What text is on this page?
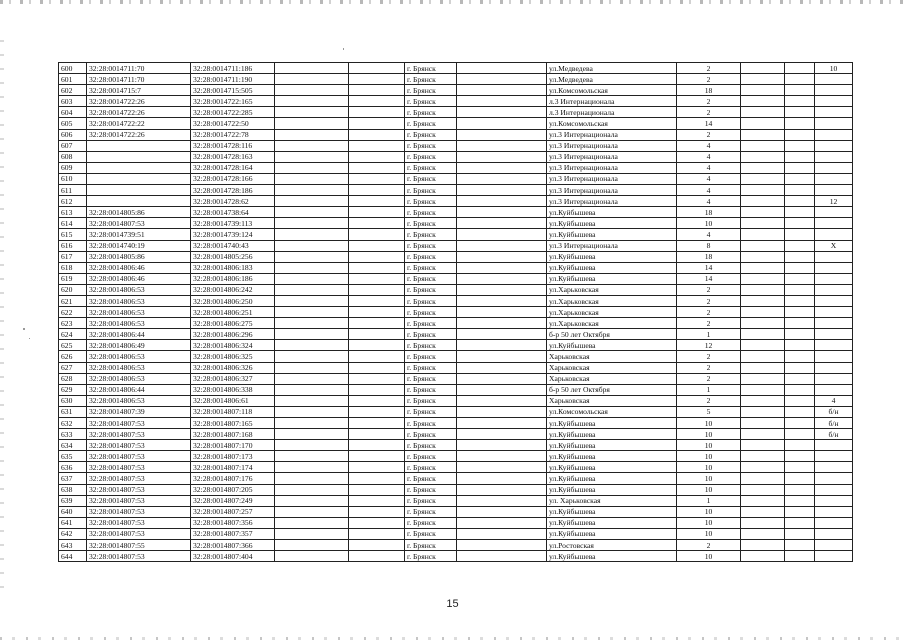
600	32:28:0014711:70	32:28:0014711:186			г. Брянск		ул.Медведева	2			10
601	32:28:0014711:70	32:28:0014711:190			г. Брянск		ул.Медведева	2			
602	32:28:0014715:7	32:28:0014715:505			г. Брянск		ул.Комсомольская	18			
603	32:28:0014722:26	32:28:0014722:165			г. Брянск		л.3 Интернационала	2			
604	32:28:0014722:26	32:28:0014722:285			г. Брянск		л.3 Интернационала	2			
605	32:28:0014722:22	32:28:0014722:50			г. Брянск		ул.Комсомольская	14			
606	32:28:0014722:26	32:28:0014722:78			г. Брянск		ул.3 Интернационала	2			
607		32:28:0014728:116			г. Брянск		ул.3 Интернационала	4			
608		32:28:0014728:163			г. Брянск		ул.3 Интернационала	4			
609		32:28:0014728:164			г. Брянск		ул.3 Интернационала	4			
610		32:28:0014728:166			г. Брянск		ул.3 Интернационала	4			
611		32:28:0014728:186			г. Брянск		ул.3 Интернационала	4			
612		32:28:0014728:62			г. Брянск		ул.3 Интернационала	4			12
613	32:28:0014805:86	32:28:0014738:64			г. Брянск		ул.Куйбышева	18			
614	32:28:0014807:53	32:28:0014739:113			г. Брянск		ул.Куйбышева	10			
615	32:28:0014739:51	32:28:0014739:124			г. Брянск		ул.Куйбышева	4			
616	32:28:0014740:19	32:28:0014740:43			г. Брянск		ул.3 Интернационала	8			Х
617	32:28:0014805:86	32:28:0014805:256			г. Брянск		ул.Куйбышева	18			
618	32:28:0014806:46	32:28:0014806:183			г. Брянск		ул.Куйбышева	14			
619	32:28:0014806:46	32:28:0014806:186			г. Брянск		ул.Куйбышева	14			
620	32:28:0014806:53	32:28:0014806:242			г. Брянск		ул.Харьковская	2			
621	32:28:0014806:53	32:28:0014806:250			г. Брянск		ул.Харьковская	2			
622	32:28:0014806:53	32:28:0014806:251			г. Брянск		ул.Харьковская	2			
623	32:28:0014806:53	32:28:0014806:275			г. Брянск		ул.Харьковская	2			
624	32:28:0014806:44	32:28:0014806:296			г. Брянск		б-р 50 лет Октября	1			
625	32:28:0014806:49	32:28:0014806:324			г. Брянск		ул.Куйбышева	12			
626	32:28:0014806:53	32:28:0014806:325			г. Брянск		Харьковская	2			
627	32:28:0014806:53	32:28:0014806:326			г. Брянск		Харьковская	2			
628	32:28:0014806:53	32:28:0014806:327			г. Брянск		Харьковская	2			
629	32:28:0014806:44	32:28:0014806:338			г. Брянск		б-р 50 лет Октября	1			
630	32:28:0014806:53	32:28:0014806:61			г. Брянск		Харьковская	2			4
631	32:28:0014807:39	32:28:0014807:118			г. Брянск		ул.Комсомольская	5			б/н
632	32:28:0014807:53	32:28:0014807:165			г. Брянск		ул.Куйбышева	10			б/н
633	32:28:0014807:53	32:28:0014807:168			г. Брянск		ул.Куйбышева	10			б/н
634	32:28:0014807:53	32:28:0014807:170			г. Брянск		ул.Куйбышева	10			
635	32:28:0014807:53	32:28:0014807:173			г. Брянск		ул.Куйбышева	10			
636	32:28:0014807:53	32:28:0014807:174			г. Брянск		ул.Куйбышева	10			
637	32:28:0014807:53	32:28:0014807:176			г. Брянск		ул.Куйбышева	10			
638	32:28:0014807:53	32:28:0014807:205			г. Брянск		ул.Куйбышева	10			
639	32:28:0014807:53	32:28:0014807:249			г. Брянск		ул. Харьковская	1			
640	32:28:0014807:53	32:28:0014807:257			г. Брянск		ул.Куйбышева	10			
641	32:28:0014807:53	32:28:0014807:356			г. Брянск		ул.Куйбышева	10			
642	32:28:0014807:53	32:28:0014807:357			г. Брянск		ул.Куйбышева	10			
643	32:28:0014807:55	32:28:0014807:366			г. Брянск		ул.Ростовская	2			
644	32:28:0014807:53	32:28:0014807:404			г. Брянск		ул.Куйбышева	10			
15
